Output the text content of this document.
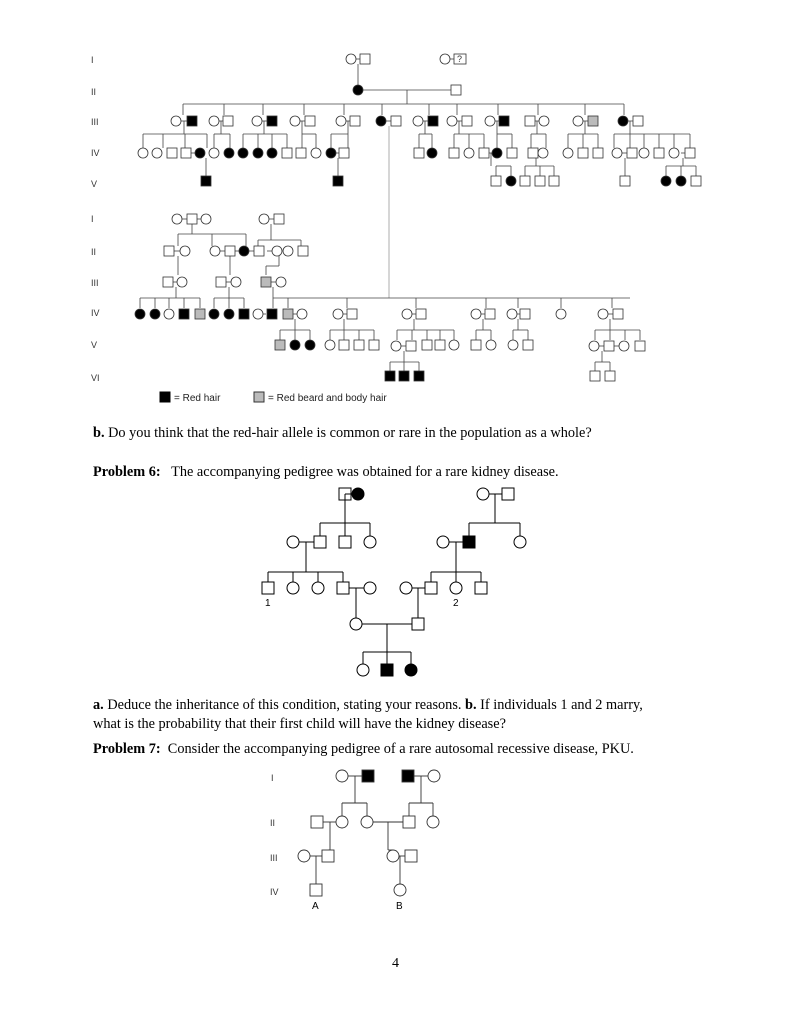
I
II
III
IV
V
I
II
III
IV
V
VI
?
= Red hair	= Red beard and body hair
1	2
I
II
III
IV
A	B

b. Do you think that the red-hair allele is common or rare in the population as a whole?

Problem 6: The accompanying pedigree was obtained for a rare kidney disease.

a. Deduce the inheritance of this condition, stating your reasons. b. If individuals 1 and 2 marry,
what is the probability that their first child will have the kidney disease?

Problem 7: Consider the accompanying pedigree of a rare autosomal recessive disease, PKU.

4
